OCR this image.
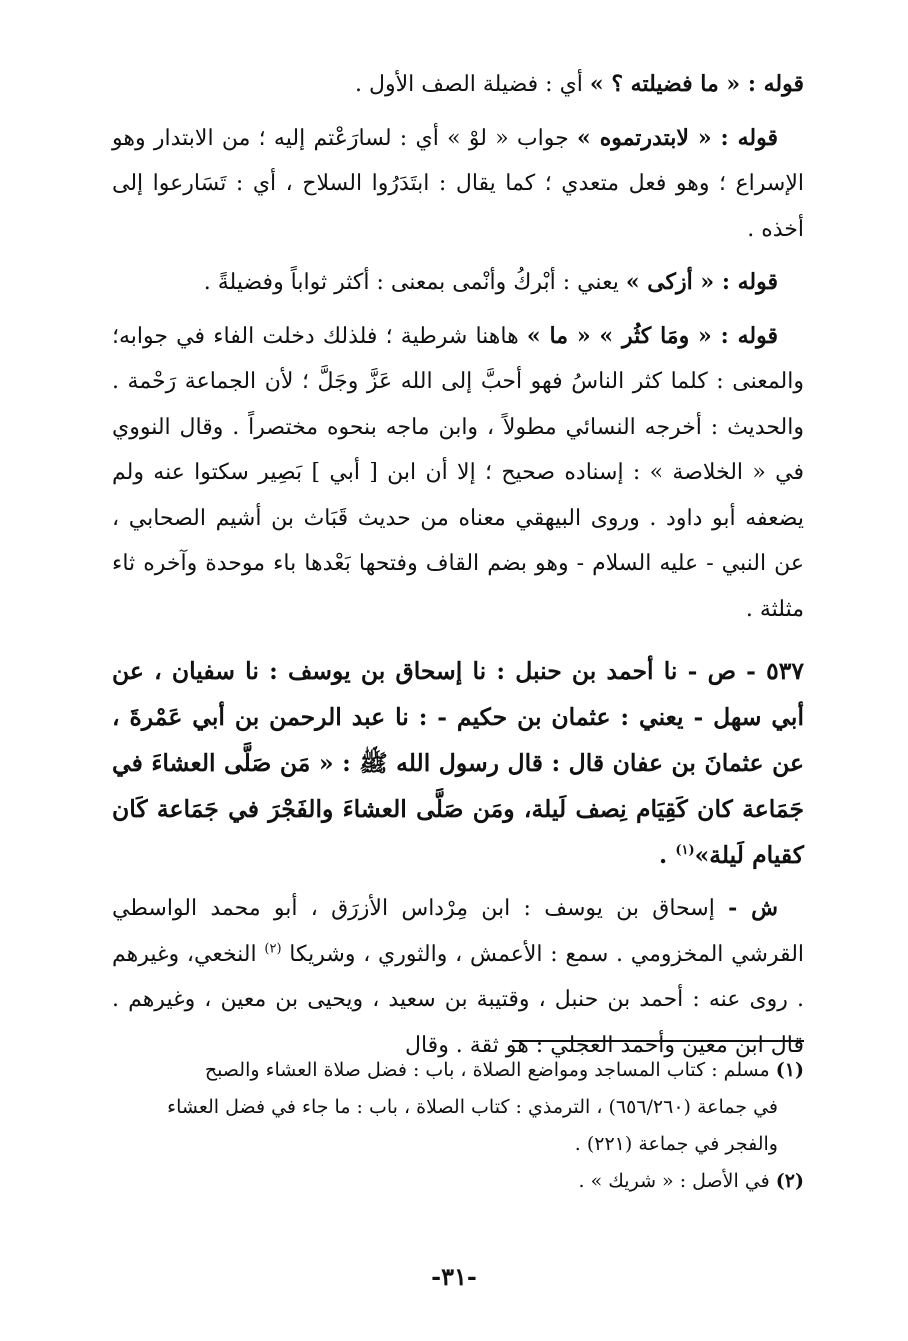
قوله : « ما فضيلته ؟ » أي : فضيلة الصف الأول .

قوله : « لابتدرتموه » جواب « لوْ » أي : لسارَعْتم إليه ؛ من الابتدار وهو الإسراع ؛ وهو فعل متعدي ؛ كما يقال : ابتَدَرُوا السلاح ، أي : تَسَارعوا إلى أخذه .

قوله : « أزكى » يعني : أبْركُ وأنْمى بمعنى : أكثر ثواباً وفضيلةً .

قوله : « ومَا كثُر » « ما » هاهنا شرطية ؛ فلذلك دخلت الفاء في جوابه؛ والمعنى : كلما كثر الناسُ فهو أحبَّ إلى الله عَزَّ وجَلَّ ؛ لأن الجماعة رَحْمة . والحديث : أخرجه النسائي مطولاً ، وابن ماجه بنحوه مختصراً . وقال النووي في « الخلاصة » : إسناده صحيح ؛ إلا أن ابن [ أبي ] بَصِير سكتوا عنه ولم يضعفه أبو داود . وروى البيهقي معناه من حديث قَبَاث بن أشيم الصحابي ، عن النبي - عليه السلام - وهو بضم القاف وفتحها بَعْدها باء موحدة وآخره ثاء مثلثة .

٥٣٧ - ص - نا أحمد بن حنبل : نا إسحاق بن يوسف : نا سفيان ، عن أبي سهل - يعني : عثمان بن حكيم - : نا عبد الرحمن بن أبي عَمْرةَ ، عن عثمانَ بن عفان قال : قال رسول الله ﷺ : « مَن صَلَّى العشاءَ في جَمَاعة كان كَقِيَام نِصف لَيلة، ومَن صَلَّى العشاءَ والفَجْرَ في جَمَاعة كَان كقيام لَيلة»$^{(١)}$ .

ش - إسحاق بن يوسف : ابن مِرْداس الأزرَق ، أبو محمد الواسطي القرشي المخزومي . سمع : الأعمش ، والثوري ، وشريكا $^{(٢)}$ النخعي، وغيرهم . روى عنه : أحمد بن حنبل ، وقتيبة بن سعيد ، ويحيى بن معين ، وغيرهم . قال ابن معين وأحمد العجلي : هو ثقة . وقال

(١) مسلم : كتاب المساجد ومواضع الصلاة ، باب : فضل صلاة العشاء والصبح

في جماعة (٦٥٦/٢٦٠) ، الترمذي : كتاب الصلاة ، باب : ما جاء في فضل العشاء والفجر في جماعة (٢٢١) .

(٢) في الأصل : « شريك » .

-٣١-
